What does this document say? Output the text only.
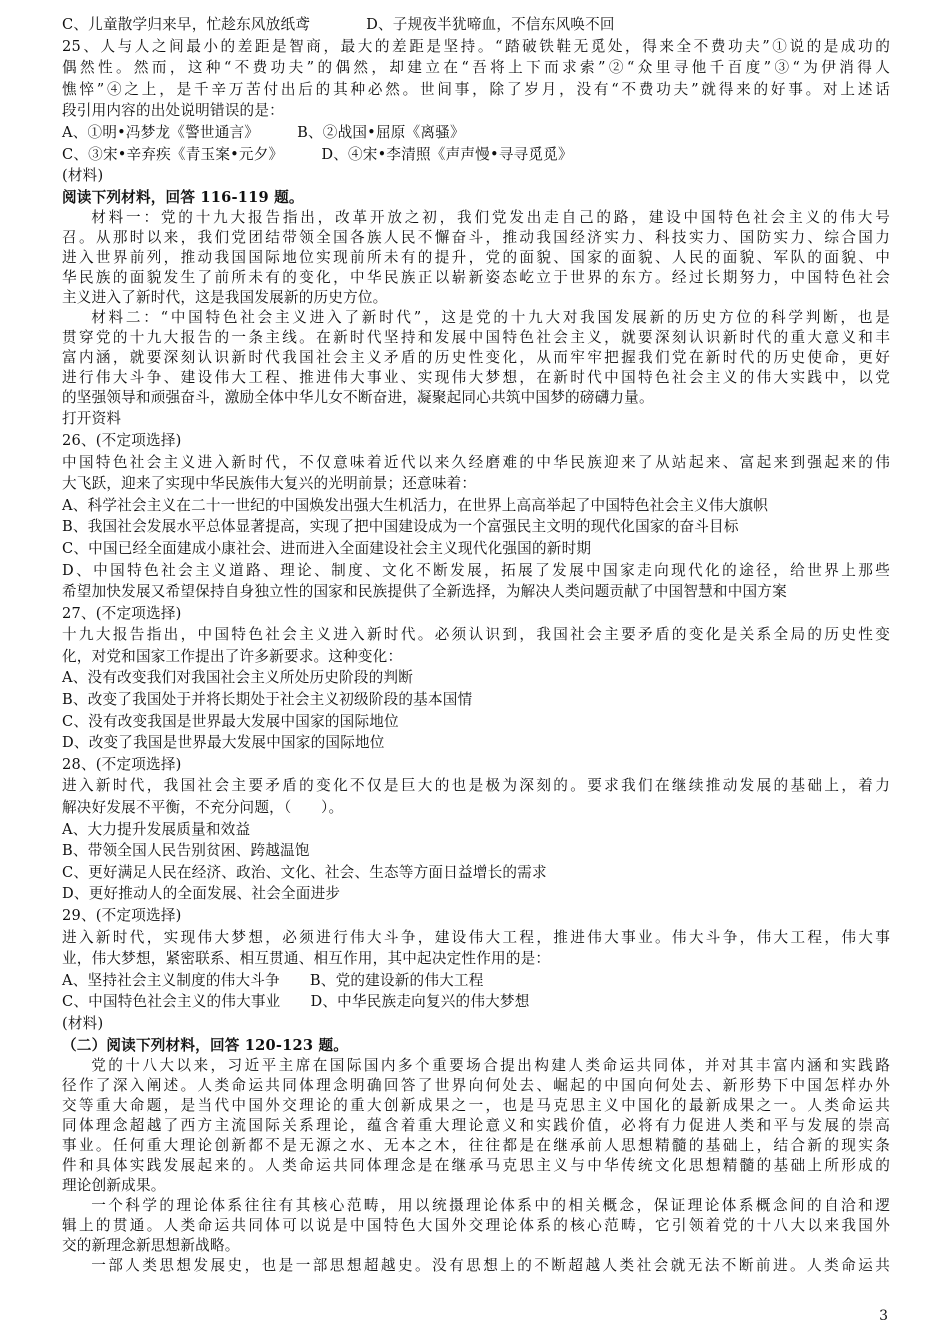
C、儿童散学归来早，忙趁东风放纸鸢	D、子规夜半犹啼血，不信东风唤不回
25、人与人之间最小的差距是智商，最大的差距是坚持。“踏破铁鞋无觅处，得来全不费功夫”①说的是成功的
偶然性。然而，这种“不费功夫”的偶然，却建立在“吾将上下而求索”②“众里寻他千百度”③“为伊消得人
憔悴”④之上，是千辛万苦付出后的其种必然。世间事，除了岁月，没有“不费功夫”就得来的好事。对上述话
段引用内容的出处说明错误的是：
A、①明•冯梦龙《警世通言》	B、②战国•屈原《离骚》
C、③宋•辛弃疾《青玉案•元夕》	D、④宋•李清照《声声慢•寻寻觅觅》
(材料)
阅读下列材料，回答 116-119 题。
材料一：党的十九大报告指出，改革开放之初，我们党发出走自己的路，建设中国特色社会主义的伟大号
召。从那时以来，我们党团结带领全国各族人民不懈奋斗，推动我国经济实力、科技实力、国防实力、综合国力
进入世界前列，推动我国国际地位实现前所未有的提升，党的面貌、国家的面貌、人民的面貌、军队的面貌、中
华民族的面貌发生了前所未有的变化，中华民族正以崭新姿态屹立于世界的东方。经过长期努力，中国特色社会
主义进入了新时代，这是我国发展新的历史方位。
材料二：“中国特色社会主义进入了新时代”，这是党的十九大对我国发展新的历史方位的科学判断，也是
贯穿党的十九大报告的一条主线。在新时代坚持和发展中国特色社会主义，就要深刻认识新时代的重大意义和丰
富内涵，就要深刻认识新时代我国社会主义矛盾的历史性变化，从而牢牢把握我们党在新时代的历史使命，更好
进行伟大斗争、建设伟大工程、推进伟大事业、实现伟大梦想，在新时代中国特色社会主义的伟大实践中，以党
的坚强领导和顽强奋斗，激励全体中华儿女不断奋进，凝聚起同心共筑中国梦的磅礴力量。
打开资料
26、(不定项选择)
中国特色社会主义进入新时代，不仅意味着近代以来久经磨难的中华民族迎来了从站起来、富起来到强起来的伟
大飞跃，迎来了实现中华民族伟大复兴的光明前景；还意味着：
A、科学社会主义在二十一世纪的中国焕发出强大生机活力，在世界上高高举起了中国特色社会主义伟大旗帜
B、我国社会发展水平总体显著提高，实现了把中国建设成为一个富强民主文明的现代化国家的奋斗目标
C、中国已经全面建成小康社会、进而进入全面建设社会主义现代化强国的新时期
D、中国特色社会主义道路、理论、制度、文化不断发展，拓展了发展中国家走向现代化的途径，给世界上那些
希望加快发展又希望保持自身独立性的国家和民族提供了全新选择，为解决人类问题贡献了中国智慧和中国方案
27、(不定项选择)
十九大报告指出，中国特色社会主义进入新时代。必须认识到，我国社会主要矛盾的变化是关系全局的历史性变
化，对党和国家工作提出了许多新要求。这种变化：
A、没有改变我们对我国社会主义所处历史阶段的判断
B、改变了我国处于并将长期处于社会主义初级阶段的基本国情
C、没有改变我国是世界最大发展中国家的国际地位
D、改变了我国是世界最大发展中国家的国际地位
28、(不定项选择)
进入新时代，我国社会主要矛盾的变化不仅是巨大的也是极为深刻的。要求我们在继续推动发展的基础上，着力
解决好发展不平衡，不充分问题，（　　）。
A、大力提升发展质量和效益
B、带领全国人民告别贫困、跨越温饱
C、更好满足人民在经济、政治、文化、社会、生态等方面日益增长的需求
D、更好推动人的全面发展、社会全面进步
29、(不定项选择)
进入新时代，实现伟大梦想，必须进行伟大斗争，建设伟大工程，推进伟大事业。伟大斗争，伟大工程，伟大事
业，伟大梦想，紧密联系、相互贯通、相互作用，其中起决定性作用的是：
A、坚持社会主义制度的伟大斗争 B、党的建设新的伟大工程
C、中国特色社会主义的伟大事业 D、中华民族走向复兴的伟大梦想
(材料)
（二）阅读下列材料，回答 120-123 题。
党的十八大以来，习近平主席在国际国内多个重要场合提出构建人类命运共同体，并对其丰富内涵和实践路
径作了深入阐述。人类命运共同体理念明确回答了世界向何处去、崛起的中国向何处去、新形势下中国怎样办外
交等重大命题，是当代中国外交理论的重大创新成果之一，也是马克思主义中国化的最新成果之一。人类命运共
同体理念超越了西方主流国际关系理论，蕴含着重大理论意义和实践价值，必将有力促进人类和平与发展的崇高
事业。任何重大理论创新都不是无源之水、无本之木，往往都是在继承前人思想精髓的基础上，结合新的现实条
件和具体实践发展起来的。人类命运共同体理念是在继承马克思主义与中华传统文化思想精髓的基础上所形成的
理论创新成果。
一个科学的理论体系往往有其核心范畴，用以统摄理论体系中的相关概念，保证理论体系概念间的自洽和逻
辑上的贯通。人类命运共同体可以说是中国特色大国外交理论体系的核心范畴，它引领着党的十八大以来我国外
交的新理念新思想新战略。
一部人类思想发展史，也是一部思想超越史。没有思想上的不断超越人类社会就无法不断前进。人类命运共
3
